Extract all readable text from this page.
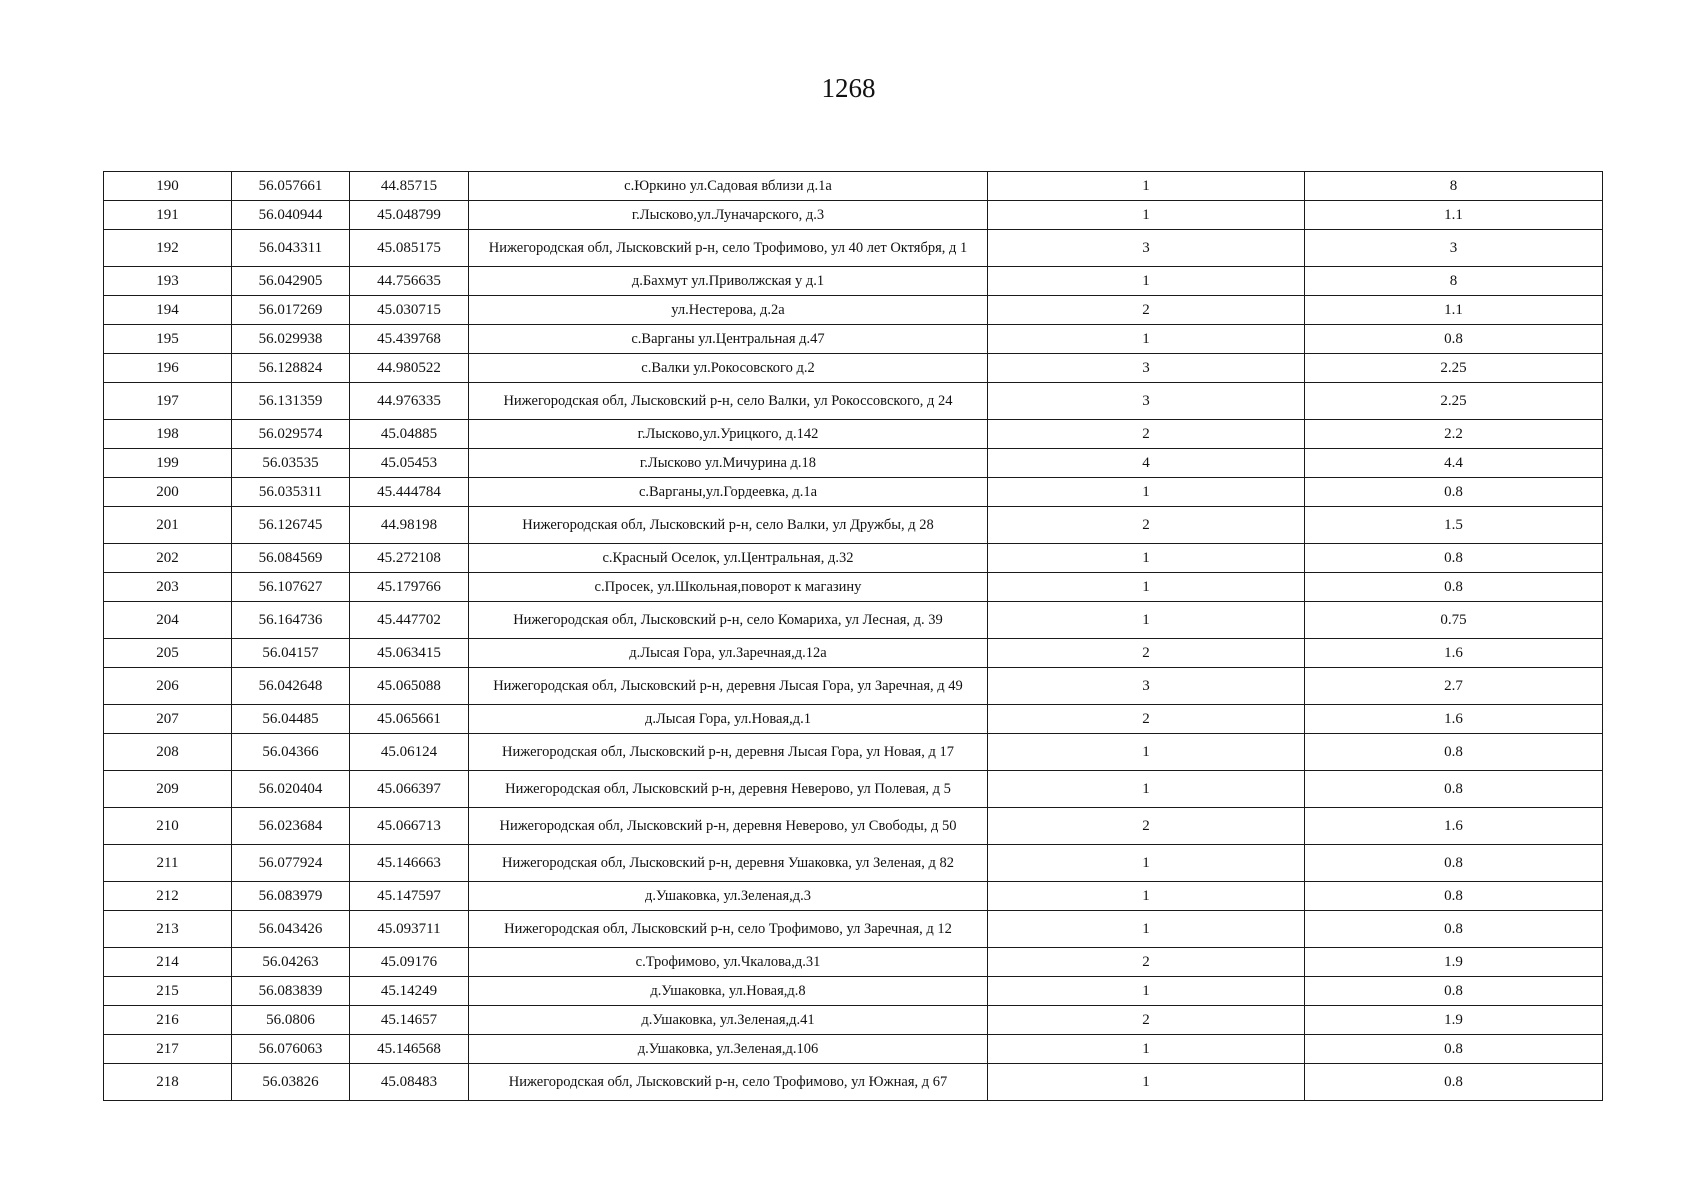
1268
190	56.057661	44.85715	с.Юркино ул.Садовая вблизи д.1а	1	8
191	56.040944	45.048799	г.Лысково,ул.Луначарского, д.3	1	1.1
192	56.043311	45.085175	Нижегородская обл, Лысковский р-н, село Трофимово, ул 40 лет Октября, д 1	3	3
193	56.042905	44.756635	д.Бахмут ул.Приволжская у д.1	1	8
194	56.017269	45.030715	ул.Нестерова, д.2а	2	1.1
195	56.029938	45.439768	с.Варганы ул.Центральная д.47	1	0.8
196	56.128824	44.980522	с.Валки ул.Рокосовского д.2	3	2.25
197	56.131359	44.976335	Нижегородская обл, Лысковский р-н, село Валки, ул Рокоссовского, д 24	3	2.25
198	56.029574	45.04885	г.Лысково,ул.Урицкого, д.142	2	2.2
199	56.03535	45.05453	г.Лысково ул.Мичурина д.18	4	4.4
200	56.035311	45.444784	с.Варганы,ул.Гордеевка, д.1а	1	0.8
201	56.126745	44.98198	Нижегородская обл, Лысковский р-н, село Валки, ул Дружбы, д 28	2	1.5
202	56.084569	45.272108	с.Красный Оселок, ул.Центральная, д.32	1	0.8
203	56.107627	45.179766	с.Просек, ул.Школьная,поворот к магазину	1	0.8
204	56.164736	45.447702	Нижегородская обл, Лысковский р-н, село Комариха, ул Лесная, д. 39	1	0.75
205	56.04157	45.063415	д.Лысая Гора, ул.Заречная,д.12а	2	1.6
206	56.042648	45.065088	Нижегородская обл, Лысковский р-н, деревня Лысая Гора, ул Заречная, д 49	3	2.7
207	56.04485	45.065661	д.Лысая Гора, ул.Новая,д.1	2	1.6
208	56.04366	45.06124	Нижегородская обл, Лысковский р-н, деревня Лысая Гора, ул Новая, д 17	1	0.8
209	56.020404	45.066397	Нижегородская обл, Лысковский р-н, деревня Неверово, ул Полевая, д 5	1	0.8
210	56.023684	45.066713	Нижегородская обл, Лысковский р-н, деревня Неверово, ул Свободы, д 50	2	1.6
211	56.077924	45.146663	Нижегородская обл, Лысковский р-н, деревня Ушаковка, ул Зеленая, д 82	1	0.8
212	56.083979	45.147597	д.Ушаковка, ул.Зеленая,д.3	1	0.8
213	56.043426	45.093711	Нижегородская обл, Лысковский р-н, село Трофимово, ул Заречная, д 12	1	0.8
214	56.04263	45.09176	с.Трофимово, ул.Чкалова,д.31	2	1.9
215	56.083839	45.14249	д.Ушаковка, ул.Новая,д.8	1	0.8
216	56.0806	45.14657	д.Ушаковка, ул.Зеленая,д.41	2	1.9
217	56.076063	45.146568	д.Ушаковка, ул.Зеленая,д.106	1	0.8
218	56.03826	45.08483	Нижегородская обл, Лысковский р-н, село Трофимово, ул Южная, д 67	1	0.8
